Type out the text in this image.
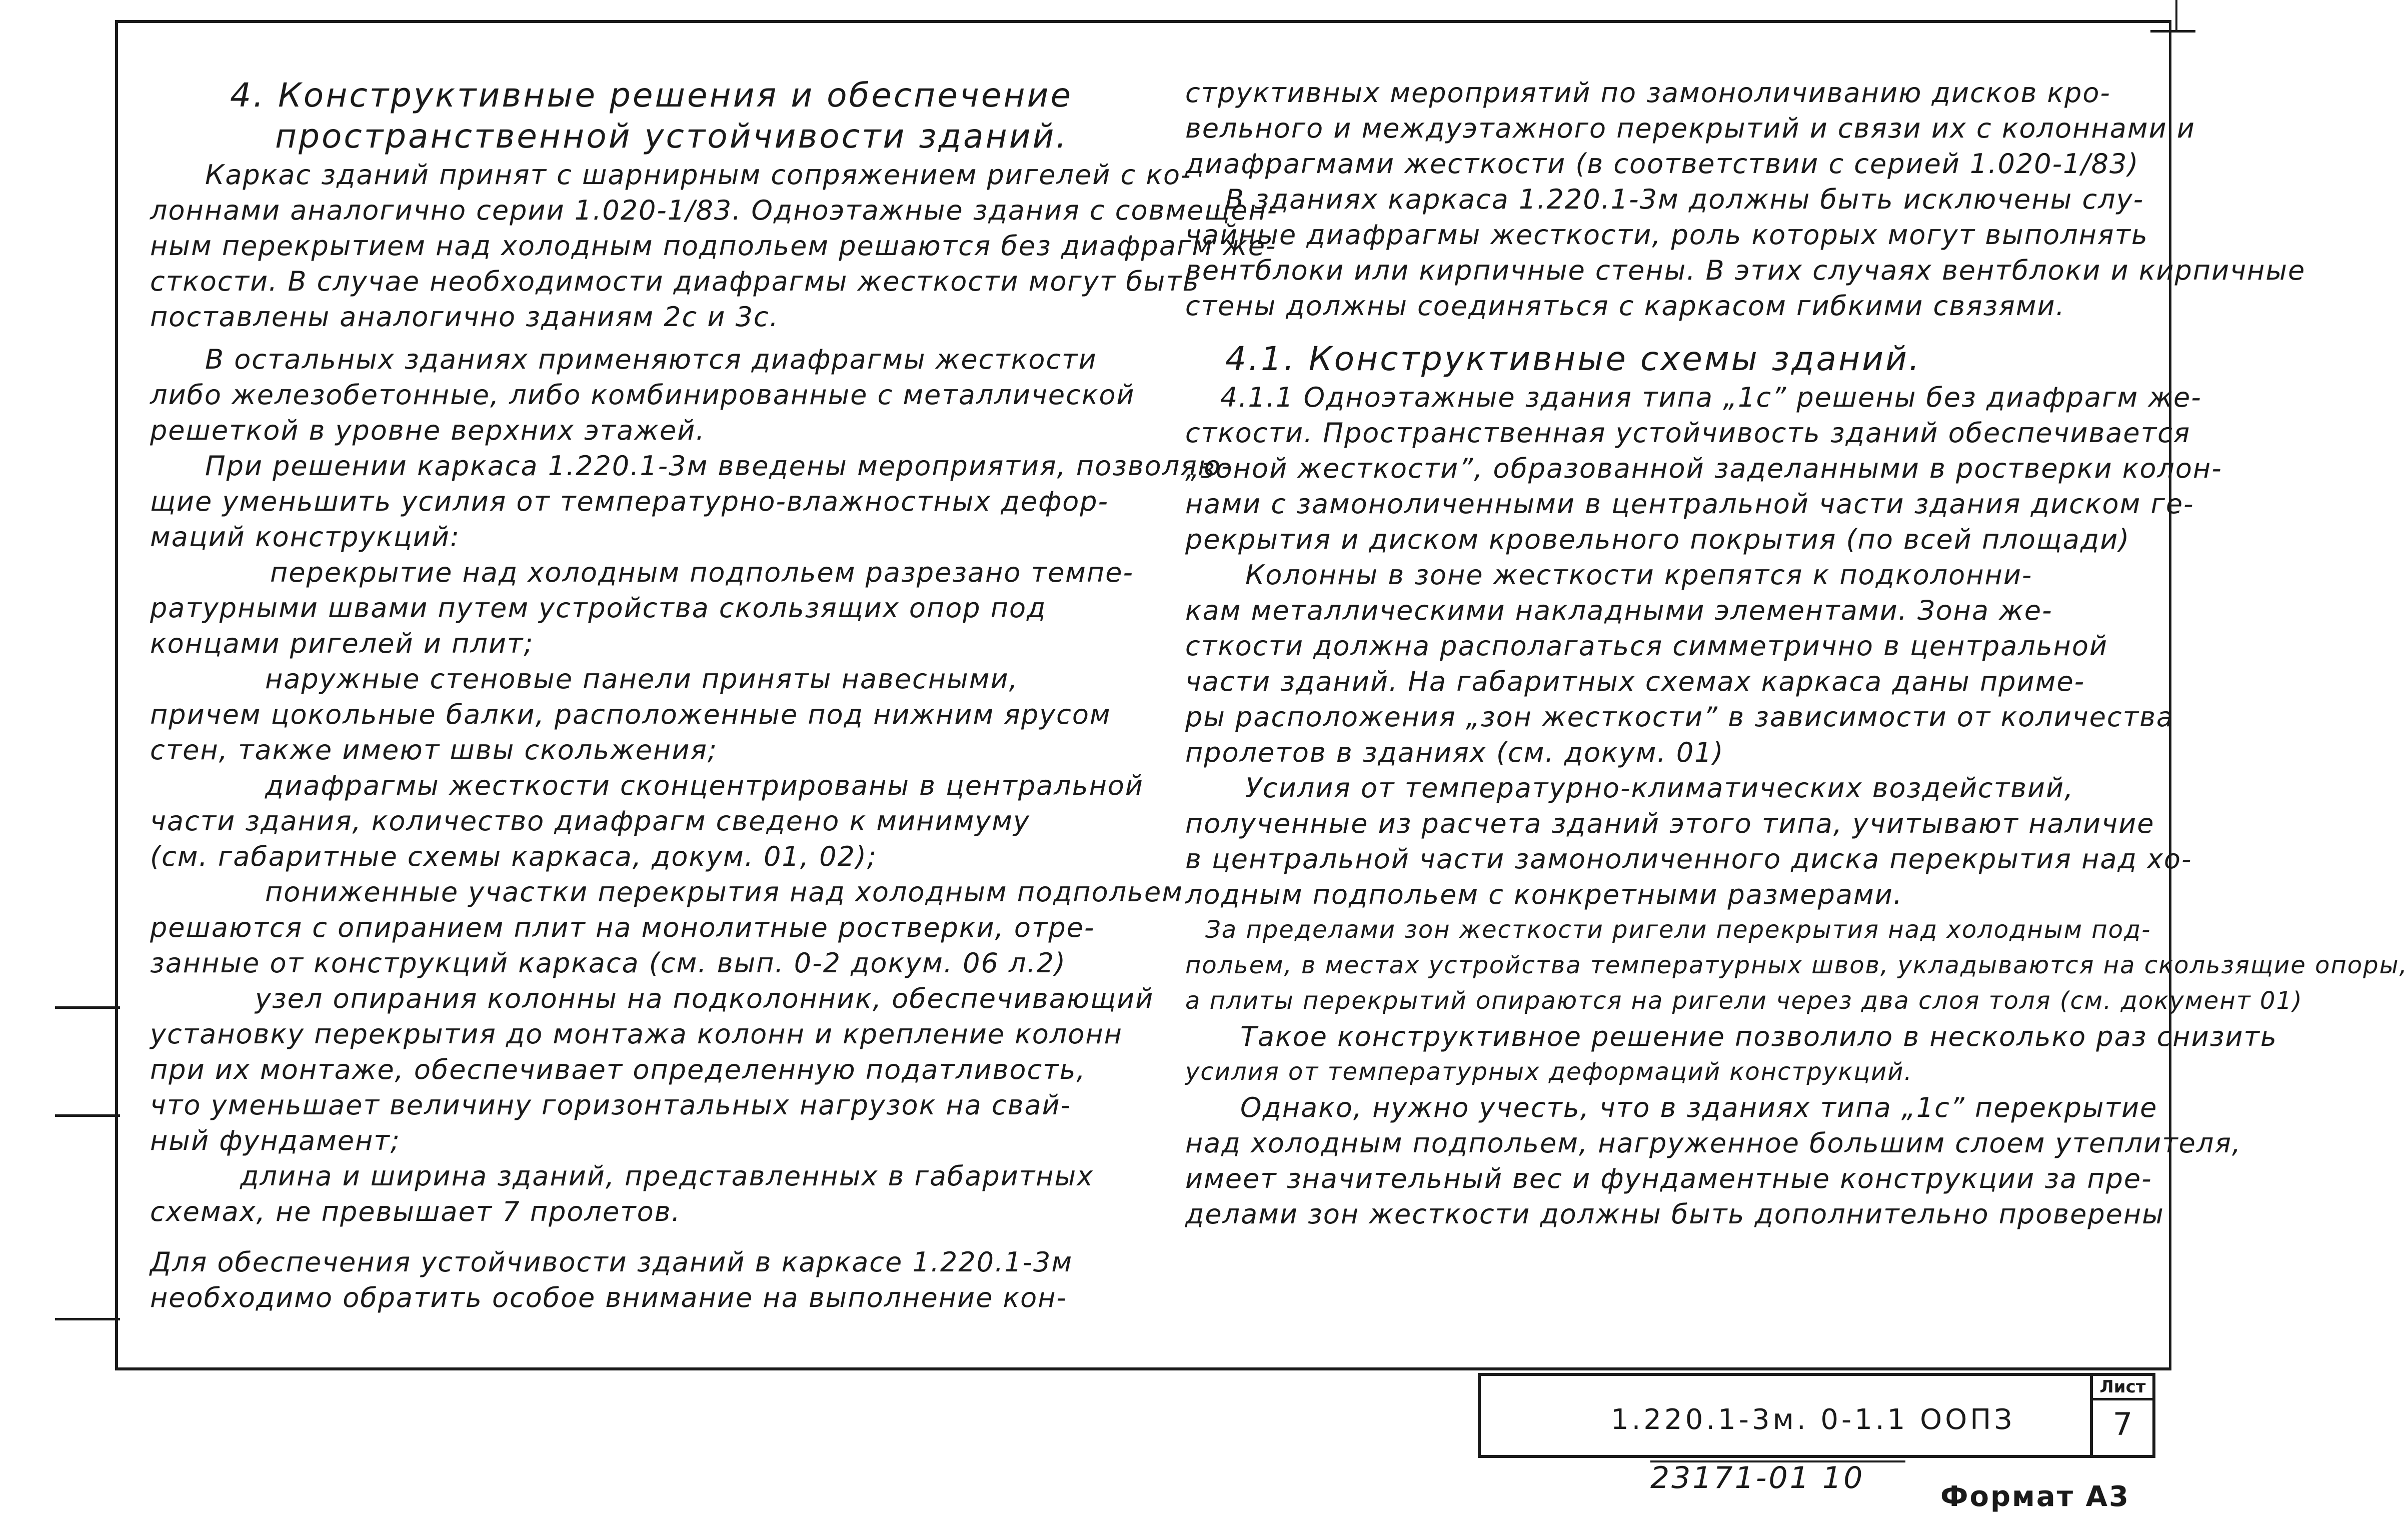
4. Конструктивные решения и обеспечение
пространственной устойчивости зданий.
Каркас зданий принят с шарнирным сопряжением ригелей с ко-
лоннами аналогично серии 1.020-1/83. Одноэтажные здания с совмещен-
ным перекрытием над холодным подпольем решаются без диафрагм же-
сткости. В случае необходимости диафрагмы жесткости могут быть
поставлены аналогично зданиям 2с и 3с.
В остальных зданиях применяются диафрагмы жесткости
либо железобетонные, либо комбинированные с металлической
решеткой в уровне верхних этажей.
При решении каркаса 1.220.1-3м введены мероприятия, позволяю-
щие уменьшить усилия от температурно-влажностных дефор-
маций конструкций:
перекрытие над холодным подпольем разрезано темпе-
ратурными швами путем устройства скользящих опор под
концами ригелей и плит;
наружные стеновые панели приняты навесными,
причем цокольные балки, расположенные под нижним ярусом
стен, также имеют швы скольжения;
диафрагмы жесткости сконцентрированы в центральной
части здания, количество диафрагм сведено к минимуму
(см. габаритные схемы каркаса, докум. 01, 02);
пониженные участки перекрытия над холодным подпольем
решаются с опиранием плит на монолитные ростверки, отре-
занные от конструкций каркаса (см. вып. 0-2 докум. 06 л.2)
узел опирания колонны на подколонник, обеспечивающий
установку перекрытия до монтажа колонн и крепление колонн
при их монтаже, обеспечивает определенную податливость,
что уменьшает величину горизонтальных нагрузок на свай-
ный фундамент;
длина и ширина зданий, представленных в габаритных
схемах, не превышает 7 пролетов.
Для обеспечения устойчивости зданий в каркасе 1.220.1-3м
необходимо обратить особое внимание на выполнение кон-
структивных мероприятий по замоноличиванию дисков кро-
вельного и междуэтажного перекрытий и связи их с колоннами и
диафрагмами жесткости (в соответствии с серией 1.020-1/83)
В зданиях каркаса 1.220.1-3м должны быть исключены слу-
чайные диафрагмы жесткости, роль которых могут выполнять
вентблоки или кирпичные стены. В этих случаях вентблоки и кирпичные
стены должны соединяться с каркасом гибкими связями.
4.1. Конструктивные схемы зданий.
4.1.1 Одноэтажные здания типа „1с” решены без диафрагм же-
сткости. Пространственная устойчивость зданий обеспечивается
„зоной жесткости”, образованной заделанными в ростверки колон-
нами с замоноличенными в центральной части здания диском ге-
рекрытия и диском кровельного покрытия (по всей площади)
Колонны в зоне жесткости крепятся к подколонни-
кам металлическими накладными элементами. Зона же-
сткости должна располагаться симметрично в центральной
части зданий. На габаритных схемах каркаса даны приме-
ры расположения „зон жесткости” в зависимости от количества
пролетов в зданиях (см. докум. 01)
Усилия от температурно-климатических воздействий,
полученные из расчета зданий этого типа, учитывают наличие
в центральной части замоноличенного диска перекрытия над хо-
лодным подпольем с конкретными размерами.
За пределами зон жесткости ригели перекрытия над холодным под-
польем, в местах устройства температурных швов, укладываются на скользящие опоры,
а плиты перекрытий опираются на ригели через два слоя толя (см. документ 01)
Такое конструктивное решение позволило в несколько раз снизить
усилия от температурных деформаций конструкций.
Однако, нужно учесть, что в зданиях типа „1с” перекрытие
над холодным подпольем, нагруженное большим слоем утеплителя,
имеет значительный вес и фундаментные конструкции за пре-
делами зон жесткости должны быть дополнительно проверены
1.220.1-3м. 0-1.1 ООПЗ
Лист
7
23171-01 10
Формат А3
